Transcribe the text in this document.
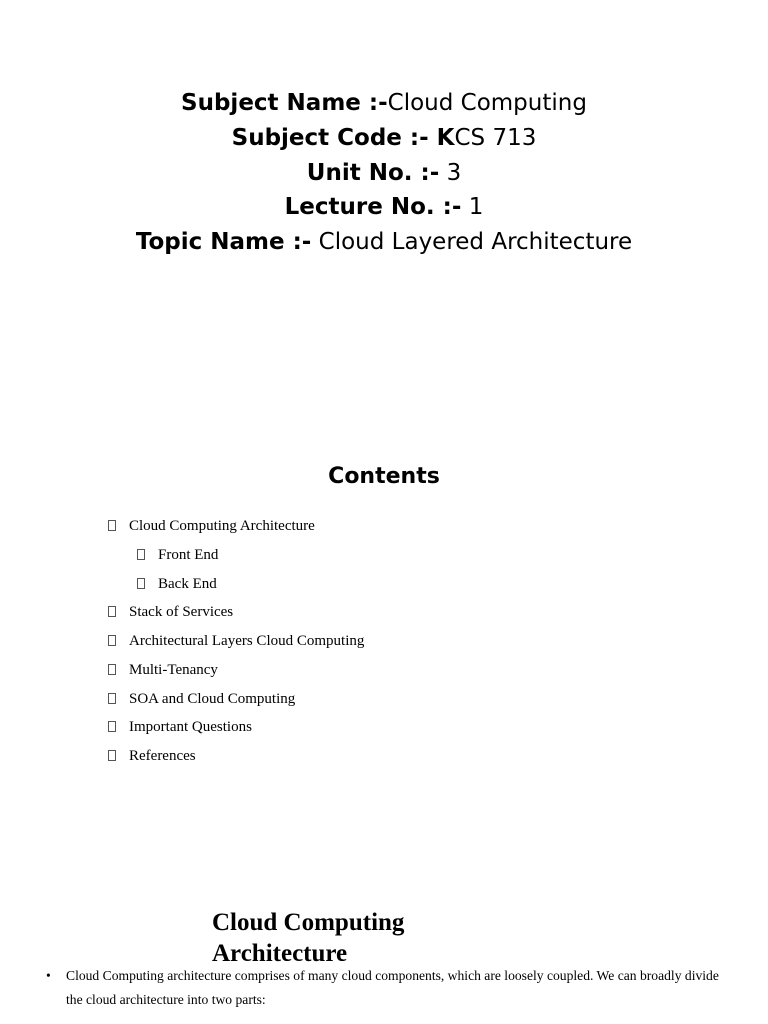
Subject Name :-Cloud Computing
Subject Code :- KCS 713
Unit No. :- 3
Lecture No. :- 1
Topic Name :- Cloud Layered Architecture
Contents
Cloud Computing Architecture
Front End
Back End
Stack of Services
Architectural Layers Cloud Computing
Multi-Tenancy
SOA and Cloud Computing
Important Questions
References
Cloud Computing
Architecture
• Cloud Computing architecture comprises of many cloud components, which are loosely coupled. We can broadly divide the cloud architecture into two parts:
